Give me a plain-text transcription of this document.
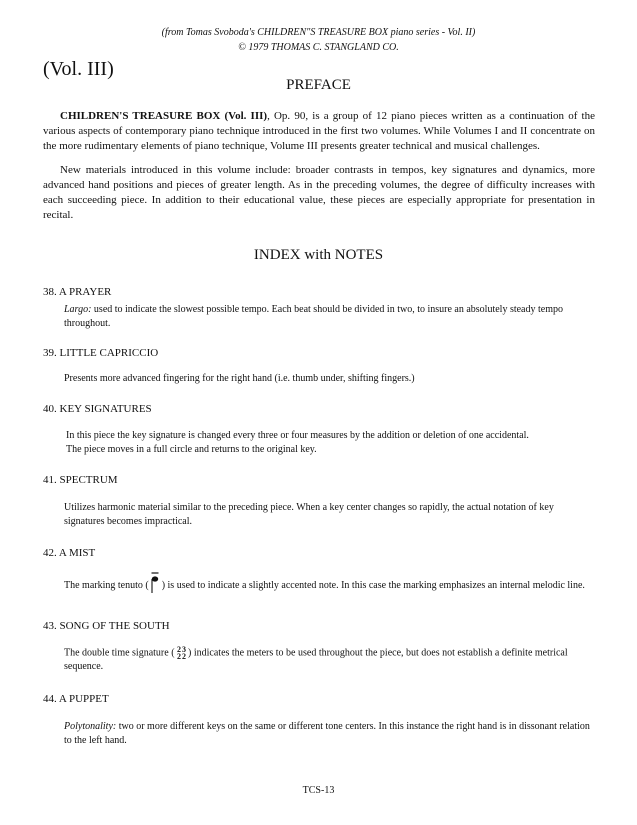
(from Tomas Svoboda's CHILDREN"S TREASURE BOX piano series - Vol. II)
© 1979 THOMAS C. STANGLAND CO.
(Vol. III)
PREFACE
CHILDREN'S TREASURE BOX (Vol. III), Op. 90, is a group of 12 piano pieces written as a continuation of the various aspects of contemporary piano technique introduced in the first two volumes. While Volumes I and II concentrate on the more rudimentary elements of piano technique, Volume III presents greater technical and musical challenges.
New materials introduced in this volume include: broader contrasts in tempos, key signatures and dynamics, more advanced hand positions and pieces of greater length. As in the preceding volumes, the degree of difficulty increases with each succeeding piece. In addition to their educational value, these pieces are especially appropriate for presentation in recital.
INDEX with NOTES
38. A PRAYER
Largo: used to indicate the slowest possible tempo. Each beat should be divided in two, to insure an absolutely steady tempo throughout.
39. LITTLE CAPRICCIO
Presents more advanced fingering for the right hand (i.e. thumb under, shifting fingers.)
40. KEY SIGNATURES
In this piece the key signature is changed every three or four measures by the addition or deletion of one accidental.
The piece moves in a full circle and returns to the original key.
41. SPECTRUM
Utilizes harmonic material similar to the preceding piece. When a key center changes so rapidly, the actual notation of key signatures becomes impractical.
42. A MIST
The marking tenuto (  ) is used to indicate a slightly accented note. In this case the marking emphasizes an internal melodic line.
43. SONG OF THE SOUTH
The double time signature ( 2 3
2 2 ) indicates the meters to be used throughout the piece, but does not establish a definite metrical sequence.
44. A PUPPET
Polytonality: two or more different keys on the same or different tone centers. In this instance the right hand is in dissonant relation to the left hand.
TCS-13
